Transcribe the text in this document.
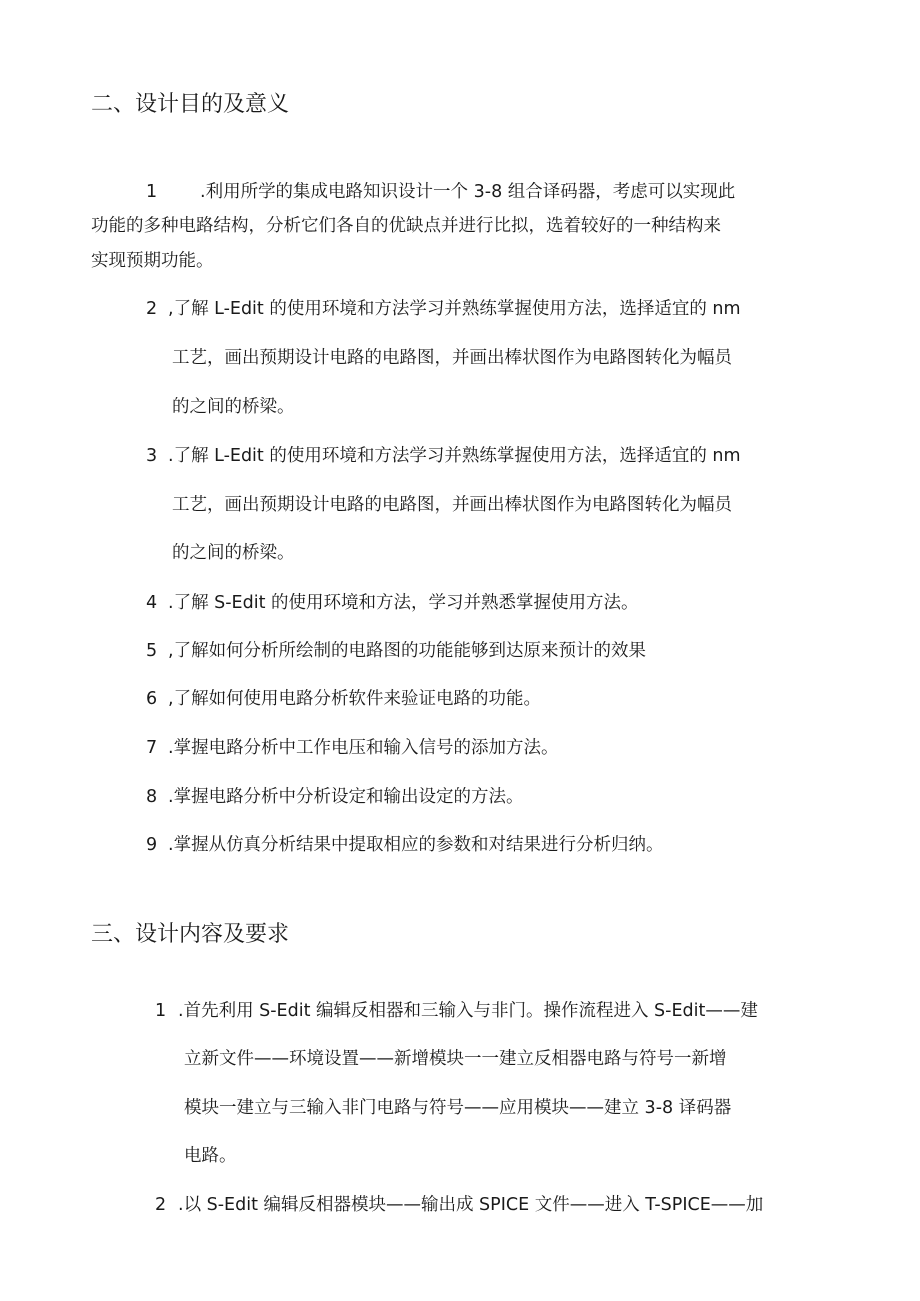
二、设计目的及意义
1 .利用所学的集成电路知识设计一个 3-8 组合译码器，考虑可以实现此
功能的多种电路结构，分析它们各自的优缺点并进行比拟，选着较好的一种结构来
实现预期功能。
2 ,了解 L-Edit 的使用环境和方法学习并熟练掌握使用方法，选择适宜的 nm
工艺，画出预期设计电路的电路图，并画出棒状图作为电路图转化为幅员
的之间的桥梁。
3 .了解 L-Edit 的使用环境和方法学习并熟练掌握使用方法，选择适宜的 nm
工艺，画出预期设计电路的电路图，并画出棒状图作为电路图转化为幅员
的之间的桥梁。
4 .了解 S-Edit 的使用环境和方法，学习并熟悉掌握使用方法。
5 ,了解如何分析所绘制的电路图的功能能够到达原来预计的效果
6 ,了解如何使用电路分析软件来验证电路的功能。
7 .掌握电路分析中工作电压和输入信号的添加方法。
8 .掌握电路分析中分析设定和输出设定的方法。
9 .掌握从仿真分析结果中提取相应的参数和对结果进行分析归纳。
三、设计内容及要求
1 .首先利用 S-Edit 编辑反相器和三输入与非门。操作流程进入 S-Edit——建
立新文件——环境设置——新增模块一一建立反相器电路与符号一新增
模块一建立与三输入非门电路与符号——应用模块——建立 3-8 译码器
电路。
2 .以 S-Edit 编辑反相器模块——输出成 SPICE 文件——进入 T-SPICE——加
